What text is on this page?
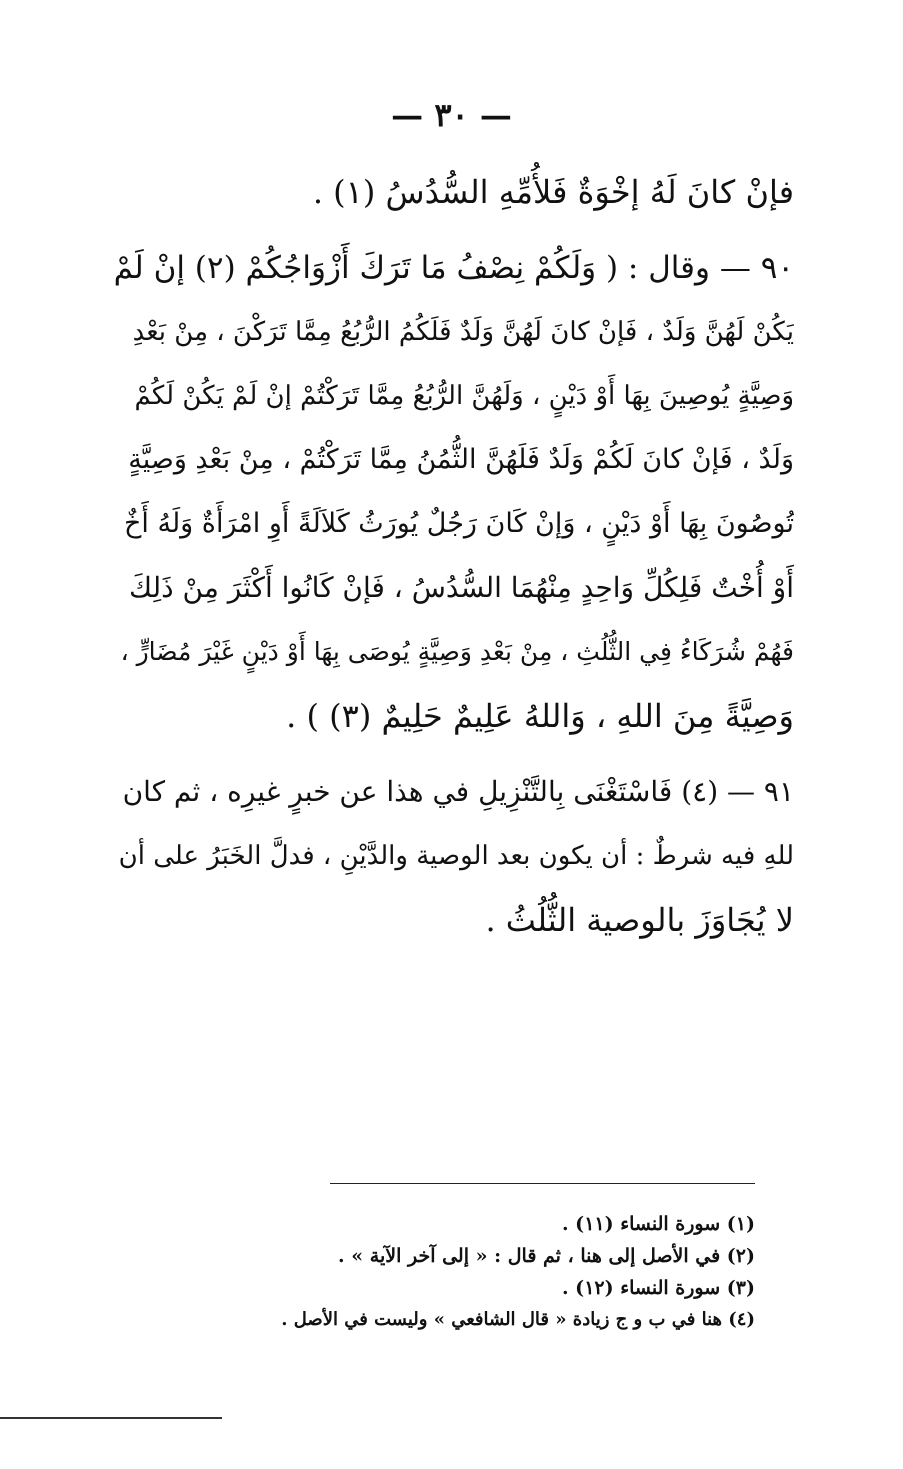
— ٣٠ —
فإنْ كانَ لَهُ إخْوَةٌ فَلأُمِّهِ السُّدُسُ (١) .
٩٠ — وقال : ( وَلَكُمْ نِصْفُ مَا تَرَكَ أَزْوَاجُكُمْ (٢) إنْ لَمْ
يَكُنْ لَهُنَّ وَلَدٌ ، فَإنْ كانَ لَهُنَّ وَلَدٌ فَلَكُمُ الرُّبُعُ مِمَّا تَرَكْنَ ، مِنْ بَعْدِ
وَصِيَّةٍ يُوصِينَ بِهَا أَوْ دَيْنٍ ، وَلَهُنَّ الرُّبُعُ مِمَّا تَرَكْتُمْ إنْ لَمْ يَكُنْ لَكُمْ
وَلَدٌ ، فَإنْ كانَ لَكُمْ وَلَدٌ فَلَهُنَّ الثُّمُنُ مِمَّا تَرَكْتُمْ ، مِنْ بَعْدِ وَصِيَّةٍ
تُوصُونَ بِهَا أَوْ دَيْنٍ ، وَإنْ كَانَ رَجُلٌ يُورَثُ كَلاَلَةً أَوِ امْرَأَةٌ وَلَهُ أَخٌ
أَوْ أُخْتٌ فَلِكُلِّ وَاحِدٍ مِنْهُمَا السُّدُسُ ، فَإنْ كَانُوا أَكْثَرَ مِنْ ذَلِكَ
فَهُمْ شُرَكَاءُ فِي الثُّلُثِ ، مِنْ بَعْدِ وَصِيَّةٍ يُوصَى بِهَا أَوْ دَيْنٍ غَيْرَ مُضَارٍّ ،
وَصِيَّةً مِنَ اللهِ ، وَاللهُ عَلِيمٌ حَلِيمٌ (٣) ) .
٩١ — (٤) فَاسْتَغْنَى بِالتَّنْزِيلِ في هذا عن خبرٍ غيرِه ، ثم كان
للهِ فيه شرطٌ : أن يكون بعد الوصية والدَّيْنِ ، فدلَّ الخَبَرُ على أن
لا يُجَاوَزَ بالوصية الثُّلُثُ .
(١) سورة النساء (١١) .
(٢) في الأصل إلى هنا ، ثم قال : « إلى آخر الآية » .
(٣) سورة النساء (١٢) .
(٤) هنا في ب و ج زيادة « قال الشافعي » وليست في الأصل .
